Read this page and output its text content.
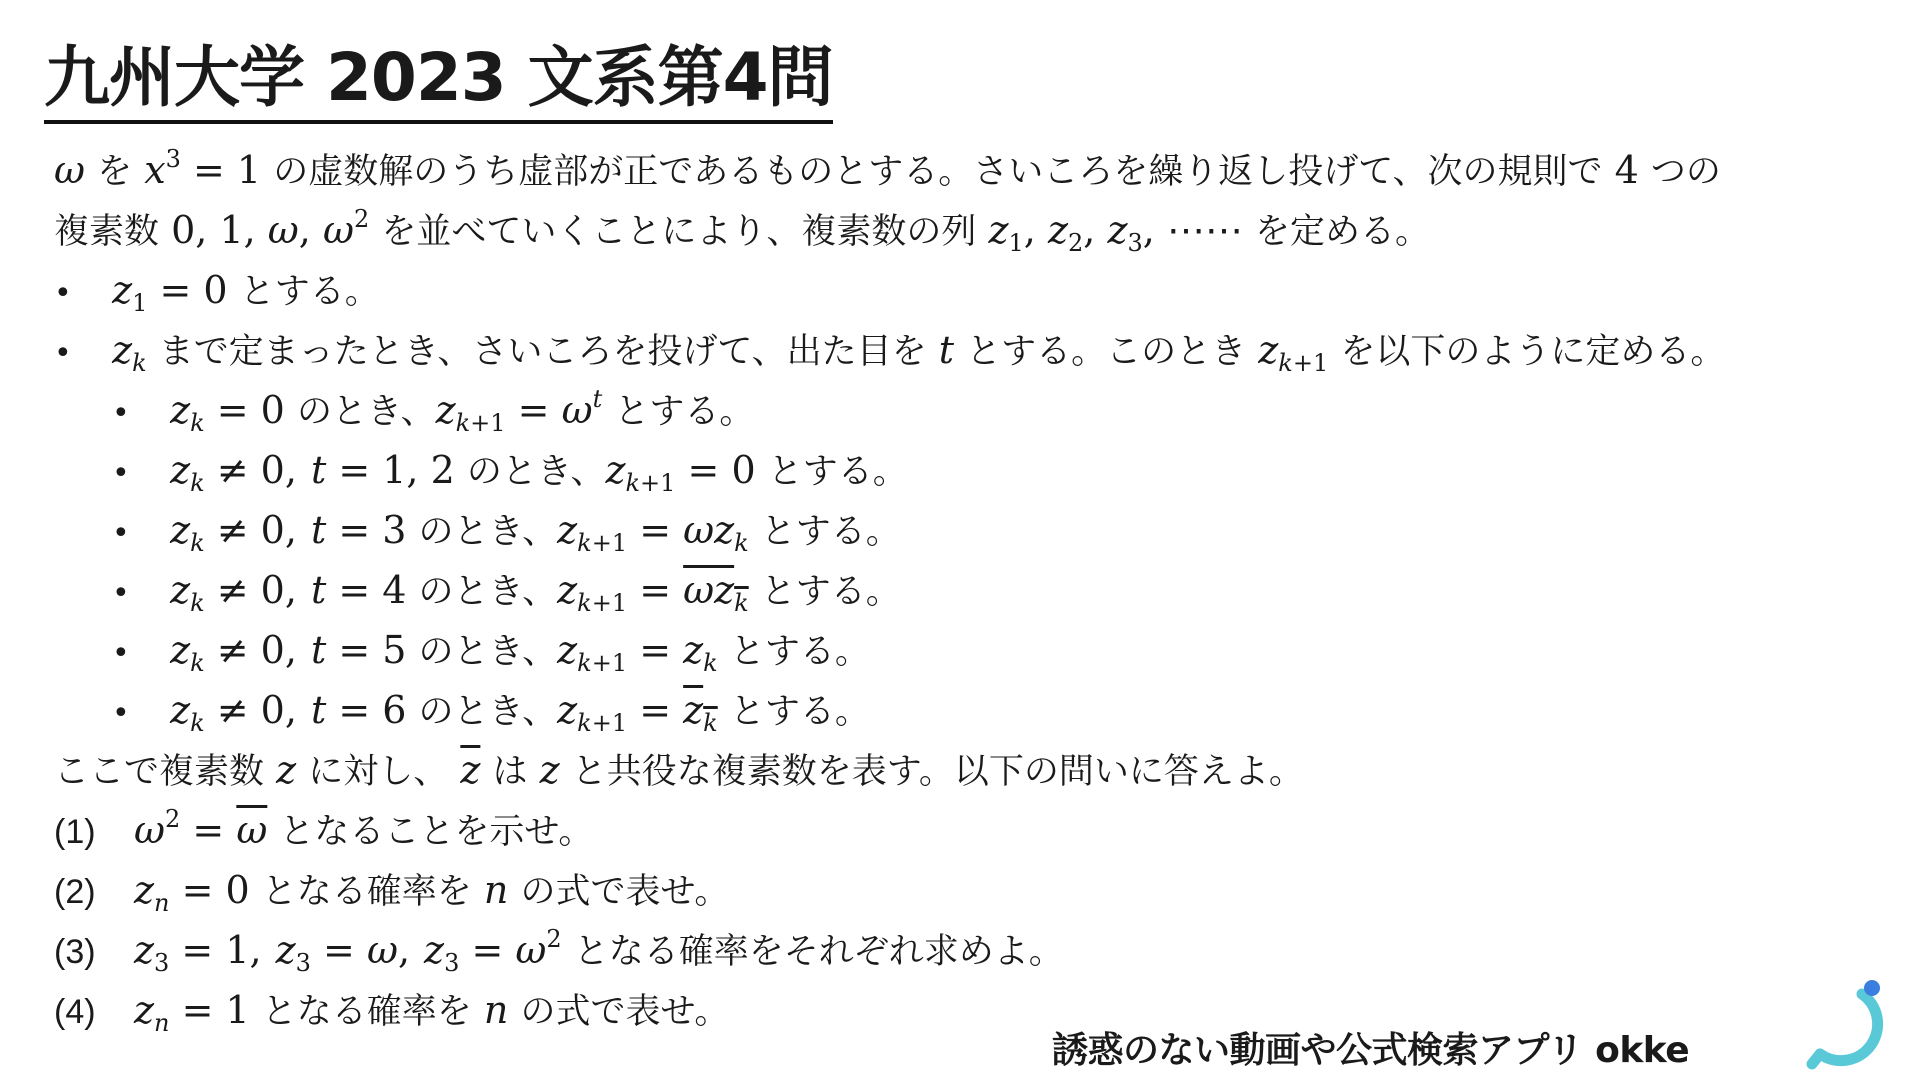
九州大学 2023 文系第4問
ω を $x^3 = 1$ の虚数解のうち虚部が正であるものとする。さいころを繰り返し投げて、次の規則で 4 つの
複素数 0, 1, ω, $\omega^2$ を並べていくことにより、複素数の列 $z_1$, $z_2$, $z_3$, ⋯⋯ を定める。
• $z_1 = 0$ とする。
• $z_k$ まで定まったとき、さいころを投げて、出た目を t とする。このとき $z_{k+1}$ を以下のように定める。
• $z_k = 0$ のとき、$z_{k+1} = \omega^t$ とする。
• $z_k \ne 0$, t = 1, 2 のとき、$z_{k+1} = 0$ とする。
• $z_k \ne 0$, t = 3 のとき、$z_{k+1} = \omega z_k$ とする。
• $z_k \ne 0$, t = 4 のとき、$z_{k+1} = \omega z_k$ とする。
• $z_k \ne 0$, t = 5 のとき、$z_{k+1} = z_k$ とする。
• $z_k \ne 0$, t = 6 のとき、$z_{k+1} = z_k$ とする。
ここで複素数 z に対し、 $\overline{z}$ は z と共役な複素数を表す。以下の問いに答えよ。
(1) $\omega^2 = \overline{\omega}$ となることを示せ。
(2) $z_n = 0$ となる確率を n の式で表せ。
(3) $z_3 = 1$, $z_3 = \omega$, $z_3 = \omega^2$ となる確率をそれぞれ求めよ。
(4) $z_n = 1$ となる確率を n の式で表せ。
誘惑のない動画や公式検索アプリ okke
